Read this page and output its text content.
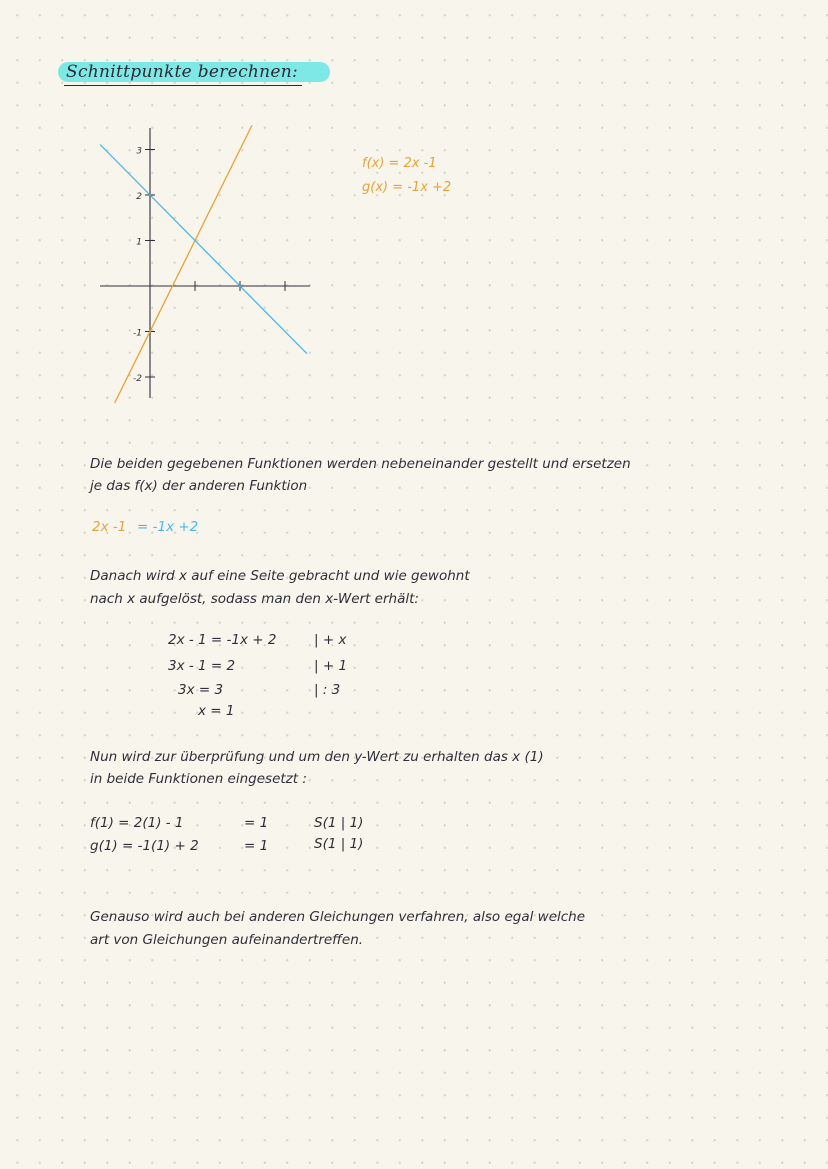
Schnittpunkte berechnen:
3
2
1
-1
-2
f(x) = 2x -1
g(x) = -1x +2
Die beiden gegebenen Funktionen werden nebeneinander gestellt und ersetzen
je das f(x) der anderen Funktion
2x -1 = -1x +2
Danach wird x auf eine Seite gebracht und wie gewohnt
nach x aufgelöst, sodass man den x-Wert erhält:
2x - 1 = -1x + 2	| + x
3x - 1 = 2	| + 1
3x = 3	| : 3
x = 1
Nun wird zur überprüfung und um den y-Wert zu erhalten das x (1)
in beide Funktionen eingesetzt :
f(1) = 2(1) - 1	= 1	S(1 | 1)
g(1) = -1(1) + 2	= 1	S(1 | 1)
Genauso wird auch bei anderen Gleichungen verfahren, also egal welche
art von Gleichungen aufeinandertreffen.
